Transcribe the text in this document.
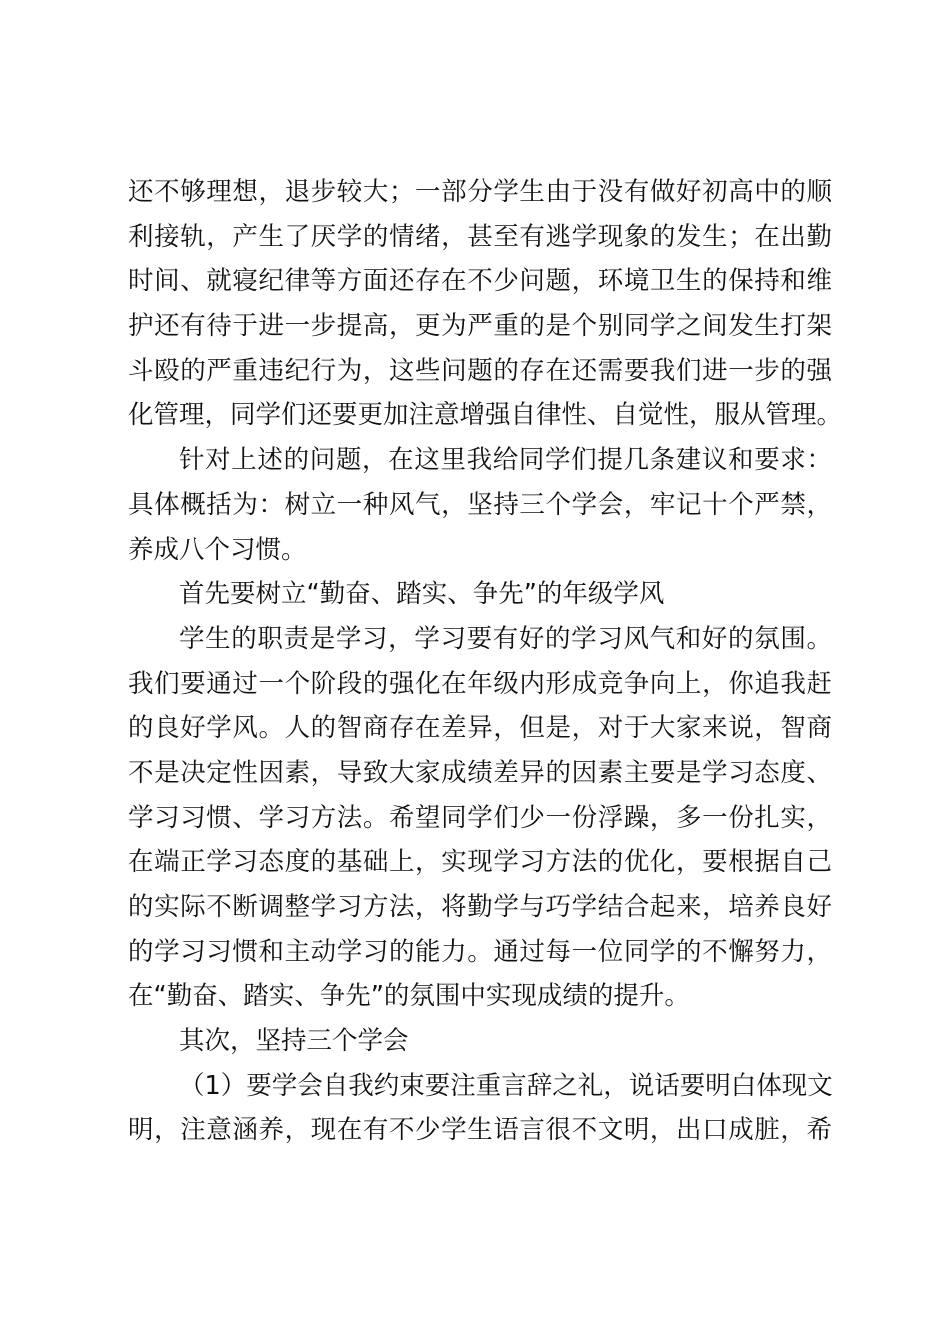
还不够理想，退步较大；一部分学生由于没有做好初高中的顺
利接轨，产生了厌学的情绪，甚至有逃学现象的发生；在出勤
时间、就寝纪律等方面还存在不少问题，环境卫生的保持和维
护还有待于进一步提高，更为严重的是个别同学之间发生打架
斗殴的严重违纪行为，这些问题的存在还需要我们进一步的强
化管理，同学们还要更加注意增强自律性、自觉性，服从管理。
针对上述的问题，在这里我给同学们提几条建议和要求：
具体概括为：树立一种风气，坚持三个学会，牢记十个严禁，
养成八个习惯。
首先要树立“勤奋、踏实、争先”的年级学风
学生的职责是学习，学习要有好的学习风气和好的氛围。
我们要通过一个阶段的强化在年级内形成竞争向上，你追我赶
的良好学风。人的智商存在差异，但是，对于大家来说，智商
不是决定性因素，导致大家成绩差异的因素主要是学习态度、
学习习惯、学习方法。希望同学们少一份浮躁，多一份扎实，
在端正学习态度的基础上，实现学习方法的优化，要根据自己
的实际不断调整学习方法，将勤学与巧学结合起来，培养良好
的学习习惯和主动学习的能力。通过每一位同学的不懈努力，
在“勤奋、踏实、争先”的氛围中实现成绩的提升。
其次，坚持三个学会
（1）要学会自我约束要注重言辞之礼，说话要明白体现文
明，注意涵养，现在有不少学生语言很不文明，出口成脏，希
